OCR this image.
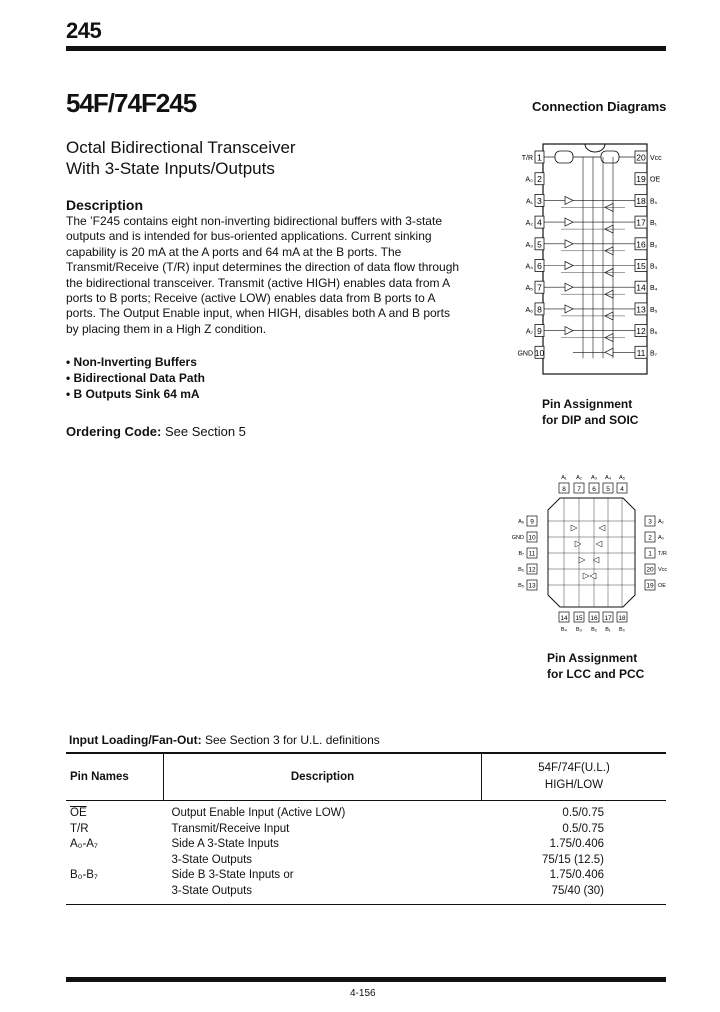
245
54F/74F245	Connection Diagrams
Octal Bidirectional Transceiver
With 3-State Inputs/Outputs
Description
The ’F245 contains eight non-inverting bidirectional buffers with 3-state
outputs and is intended for bus-oriented applications. Current sinking
capability is 20 mA at the A ports and 64 mA at the B ports. The
Transmit/Receive (T/R) input determines the direction of data flow through
the bidirectional transceiver. Transmit (active HIGH) enables data from A
ports to B ports; Receive (active LOW) enables data from B ports to A
ports. The Output Enable input, when HIGH, disables both A and B ports
by placing them in a High Z condition.
• Non-Inverting Buffers
• Bidirectional Data Path
• B Outputs Sink 64 mA
Ordering Code: See Section 5
1
T/R
2
A₀
3
A₁
4
A₂
5
A₃
6
A₄
7
A₅
8
A₆
9
A₇
10
GND
20 Vcc
19 OE
18 B₀
17 B₁
16 B₂
15 B₃
14 B₄
13 B₅
12 B₆
11 B₇
Pin Assignment
for DIP and SOIC
A₁
8
A₂
7
A₃
6
A₄
5
A₅
4
A₆ 9
GND 10
B₇ 11
B₆ 12
B₅ 13
3 A₂
2 A₀
1 T/R
20 Vcc
19 OE
14
B₄
15
B₃
16
B₂
17
B₁
18
B₀
Pin Assignment
for LCC and PCC
Input Loading/Fan-Out: See Section 3 for U.L. definitions
Pin Names	Description	54F/74F(U.L.)
HIGH/LOW

$\overline{OE}$	Output Enable Input (Active LOW)	0.5/0.75
T/R	Transmit/Receive Input	0.5/0.75
A₀-A₇	Side A 3-State Inputs	1.75/0.406
	3-State Outputs	75/15 (12.5)
B₀-B₇	Side B 3-State Inputs or	1.75/0.406
	3-State Outputs	75/40 (30)
4-156
